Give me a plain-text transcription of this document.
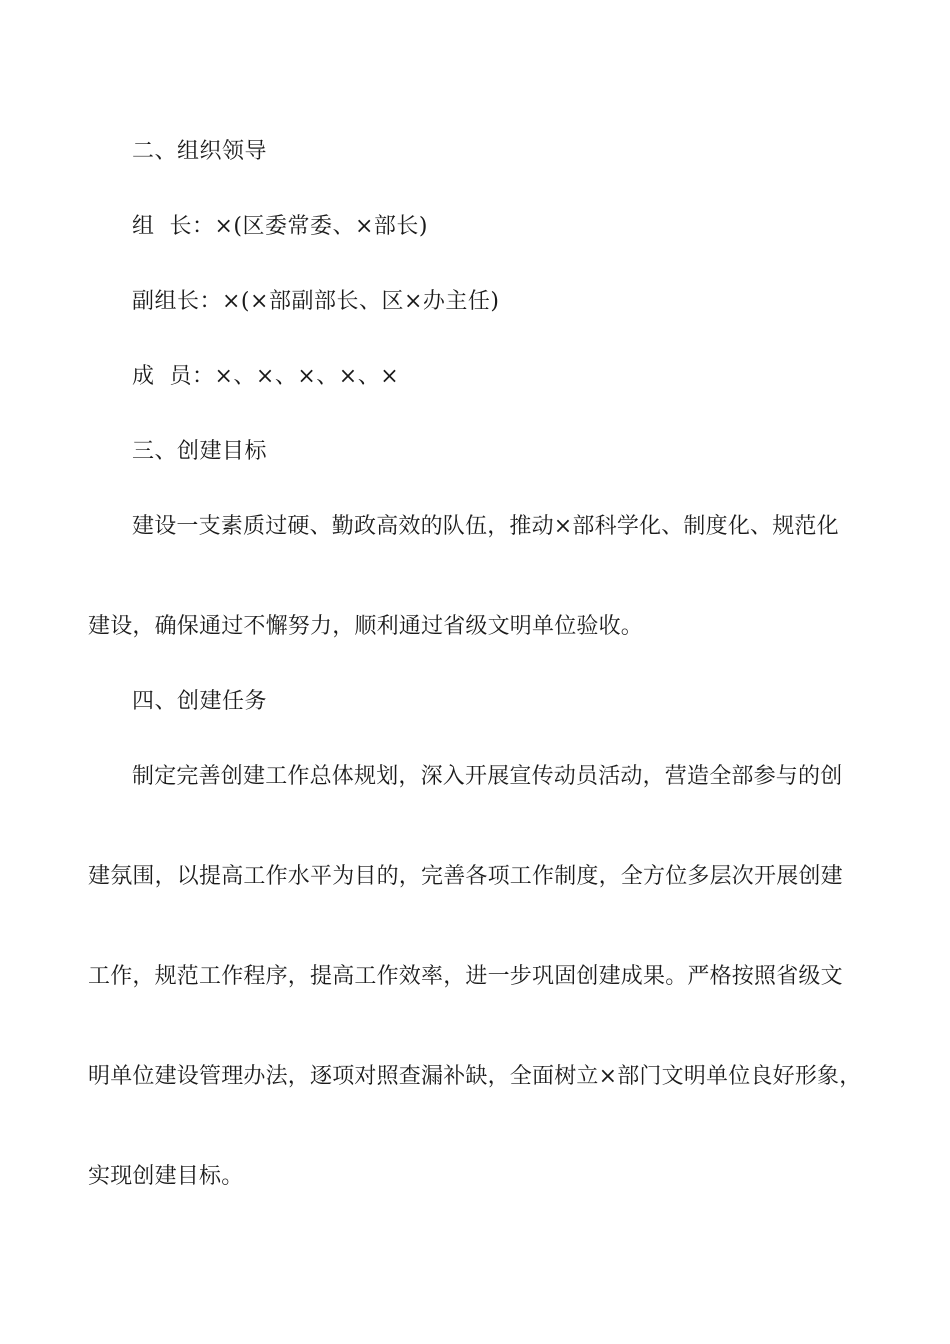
二、组织领导
组  长：×(区委常委、×部长)
副组长：×(×部副部长、区×办主任)
成  员：×、×、×、×、×
三、创建目标
建设一支素质过硬、勤政高效的队伍，推动×部科学化、制度化、规范化
建设，确保通过不懈努力，顺利通过省级文明单位验收。
四、创建任务
制定完善创建工作总体规划，深入开展宣传动员活动，营造全部参与的创
建氛围，以提高工作水平为目的，完善各项工作制度，全方位多层次开展创建
工作，规范工作程序，提高工作效率，进一步巩固创建成果。严格按照省级文
明单位建设管理办法，逐项对照查漏补缺，全面树立×部门文明单位良好形象，
实现创建目标。
